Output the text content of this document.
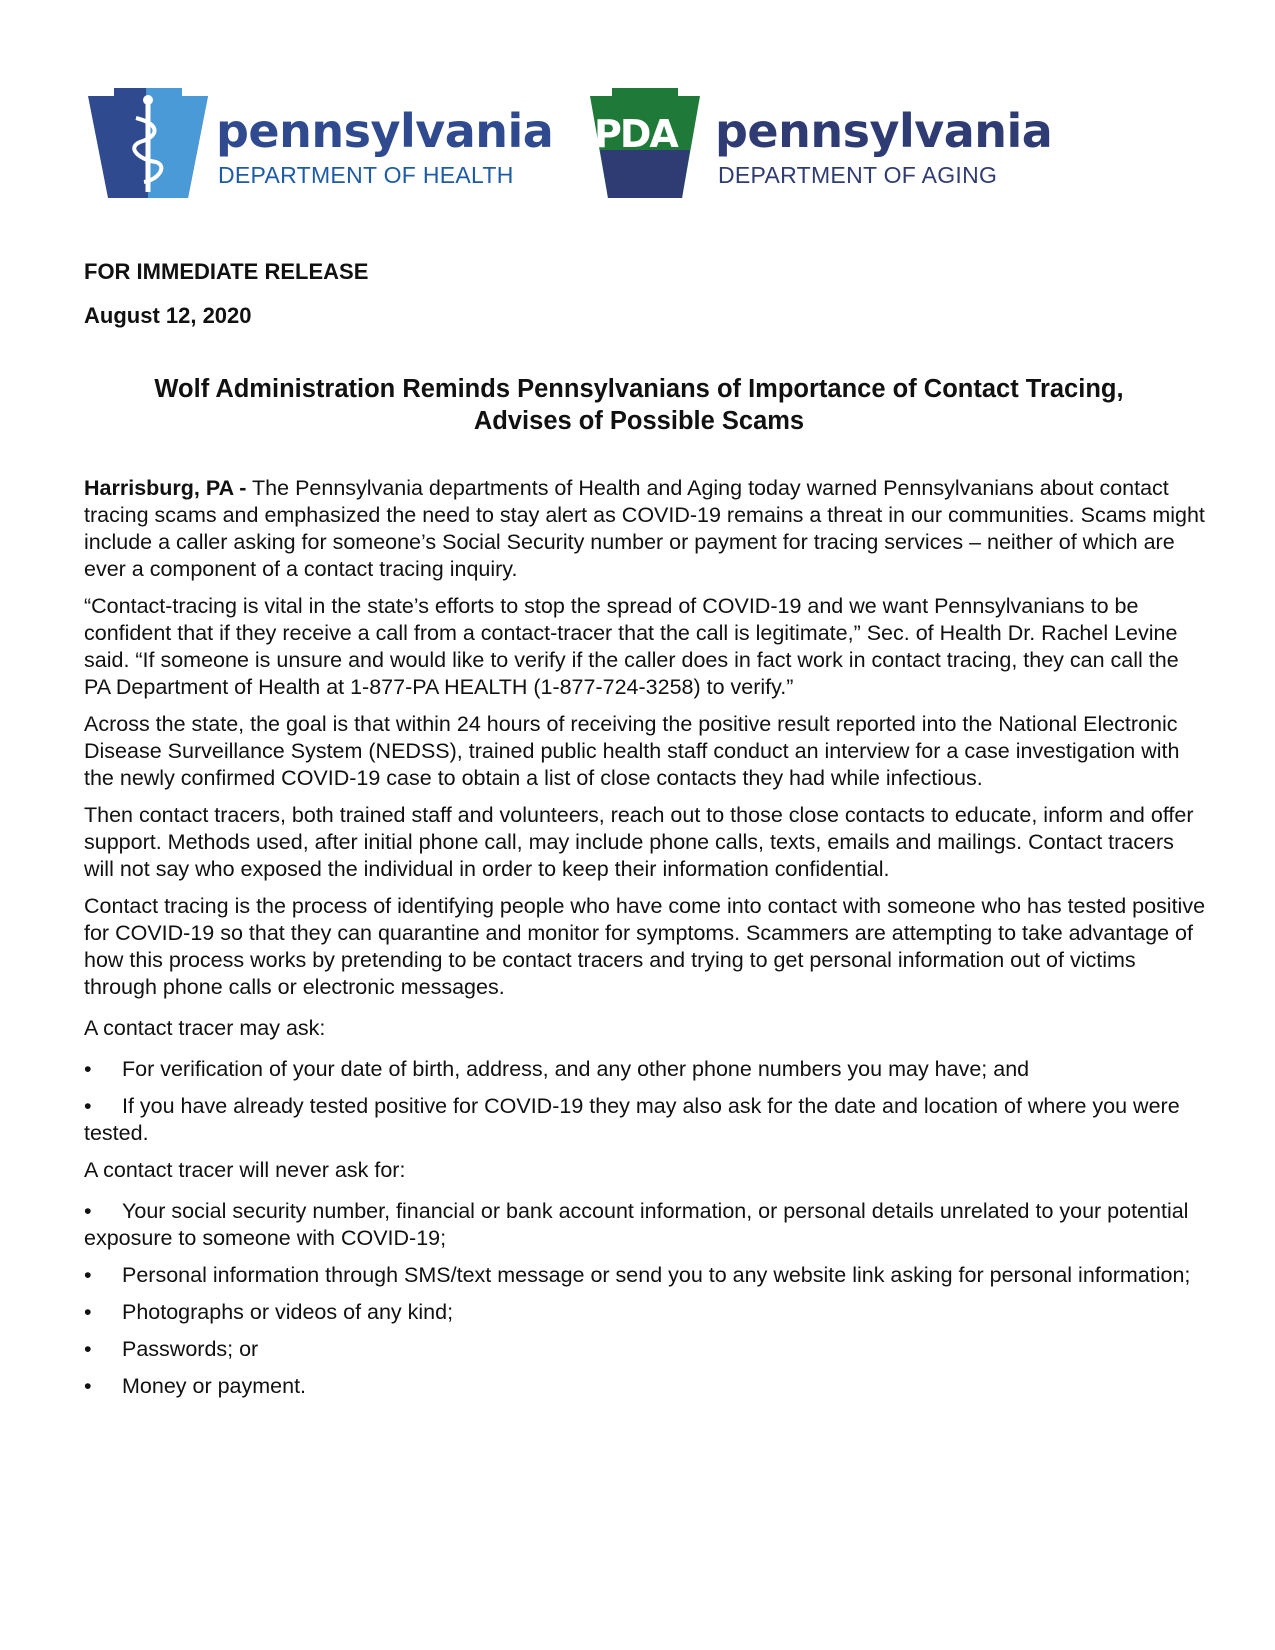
pennsylvania
DEPARTMENT OF HEALTH
PDA pennsylvania
DEPARTMENT OF AGING
FOR IMMEDIATE RELEASE
August 12, 2020
Wolf Administration Reminds Pennsylvanians of Importance of Contact Tracing,
Advises of Possible Scams

Harrisburg, PA - The Pennsylvania departments of Health and Aging today warned Pennsylvanians about contact tracing scams and emphasized the need to stay alert as COVID-19 remains a threat in our communities. Scams might include a caller asking for someone’s Social Security number or payment for tracing services – neither of which are ever a component of a contact tracing inquiry.

“Contact-tracing is vital in the state’s efforts to stop the spread of COVID-19 and we want Pennsylvanians to be confident that if they receive a call from a contact-tracer that the call is legitimate,” Sec. of Health Dr. Rachel Levine said. “If someone is unsure and would like to verify if the caller does in fact work in contact tracing, they can call the PA Department of Health at 1-877-PA HEALTH (1-877-724-3258) to verify.”

Across the state, the goal is that within 24 hours of receiving the positive result reported into the National Electronic Disease Surveillance System (NEDSS), trained public health staff conduct an interview for a case investigation with the newly confirmed COVID-19 case to obtain a list of close contacts they had while infectious.

Then contact tracers, both trained staff and volunteers, reach out to those close contacts to educate, inform and offer support. Methods used, after initial phone call, may include phone calls, texts, emails and mailings. Contact tracers will not say who exposed the individual in order to keep their information confidential.

Contact tracing is the process of identifying people who have come into contact with someone who has tested positive for COVID-19 so that they can quarantine and monitor for symptoms. Scammers are attempting to take advantage of how this process works by pretending to be contact tracers and trying to get personal information out of victims through phone calls or electronic messages.

A contact tracer may ask:

• For verification of your date of birth, address, and any other phone numbers you may have; and

• If you have already tested positive for COVID-19 they may also ask for the date and location of where you were tested.

A contact tracer will never ask for:

• Your social security number, financial or bank account information, or personal details unrelated to your potential exposure to someone with COVID-19;

• Personal information through SMS/text message or send you to any website link asking for personal information;

• Photographs or videos of any kind;

• Passwords; or

• Money or payment.
